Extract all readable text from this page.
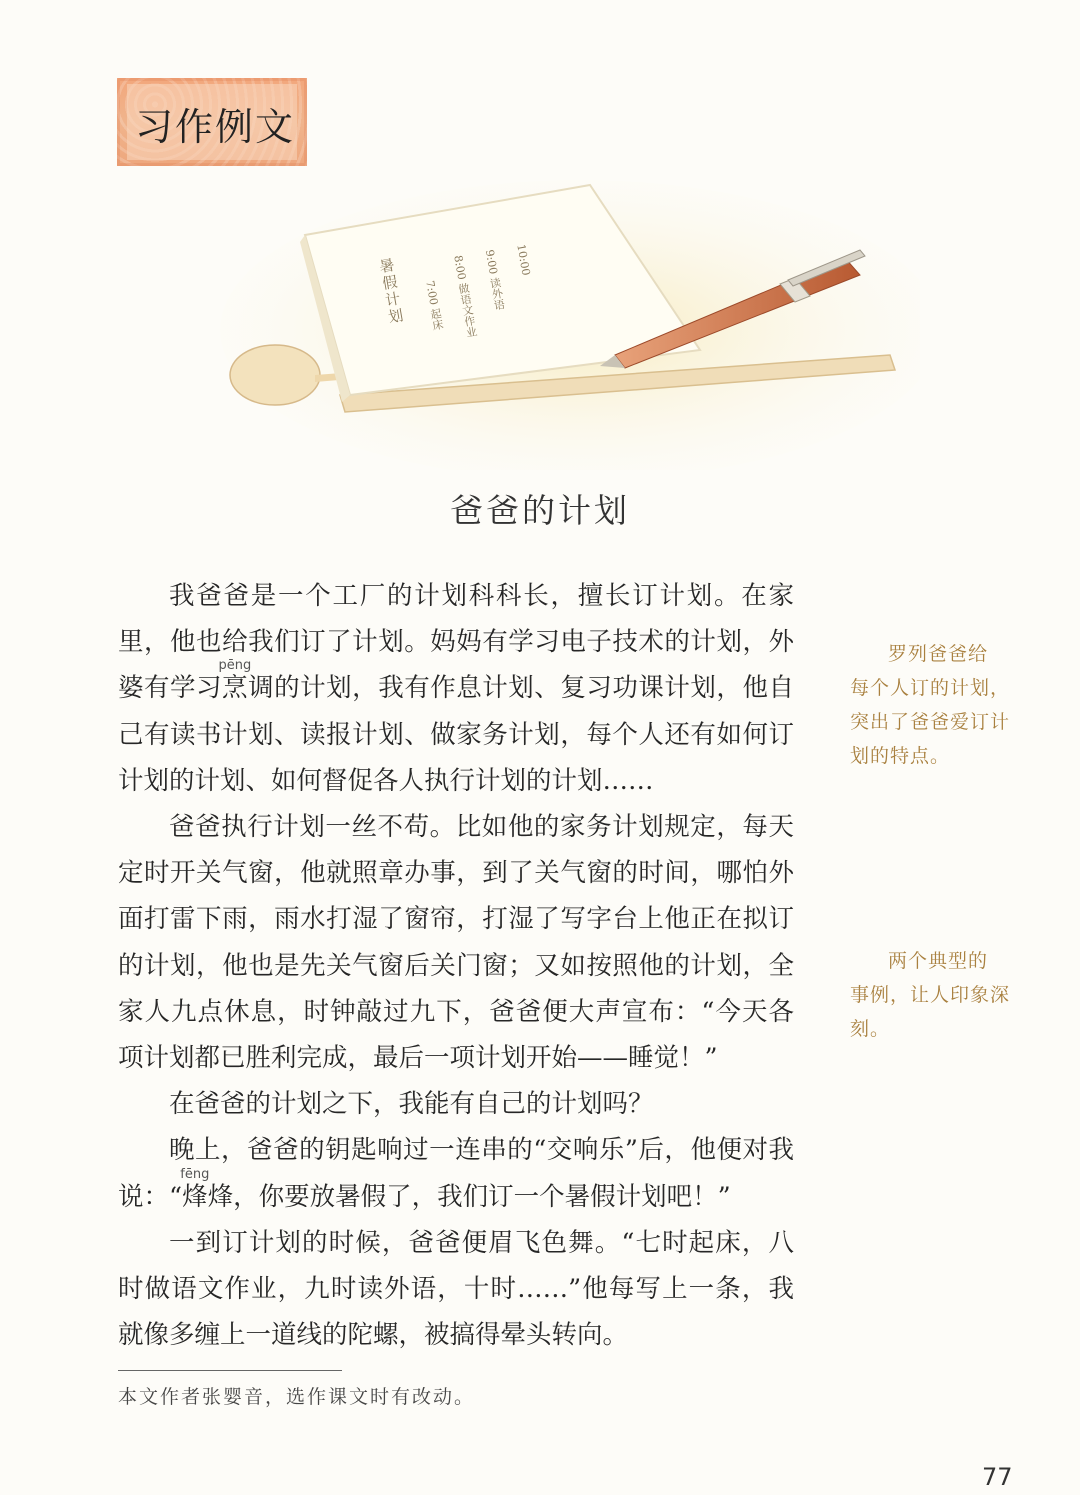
习作例文
暑假计划 7:00 起床 8:00 做语文作业 9:00 读外语 10:00
爸爸的计划

我爸爸是一个工厂的计划科科长，擅长订计划。在家里，他也给我们订了计划。妈妈有学习电子技术的计划，外婆有学习烹pēng调的计划，我有作息计划、复习功课计划，他自己有读书计划、读报计划、做家务计划，每个人还有如何订计划的计划、如何督促各人执行计划的计划……

爸爸执行计划一丝不苟。比如他的家务计划规定，每天定时开关气窗，他就照章办事，到了关气窗的时间，哪怕外面打雷下雨，雨水打湿了窗帘，打湿了写字台上他正在拟订的计划，他也是先关气窗后关门窗；又如按照他的计划，全家人九点休息，时钟敲过九下，爸爸便大声宣布：“今天各项计划都已胜利完成，最后一项计划开始——睡觉！”

在爸爸的计划之下，我能有自己的计划吗？

晚上，爸爸的钥匙响过一连串的“交响乐”后，他便对我说：“烽fēng烽，你要放暑假了，我们订一个暑假计划吧！”

一到订计划的时候，爸爸便眉飞色舞。“七时起床，八时做语文作业，九时读外语，十时……”他每写上一条，我就像多缠上一道线的陀螺，被搞得晕头转向。

罗列爸爸给
每个人订的计划，突出了爸爸爱订计划的特点。
两个典型的
事例，让人印象深刻。
本文作者张婴音，选作课文时有改动。
77
